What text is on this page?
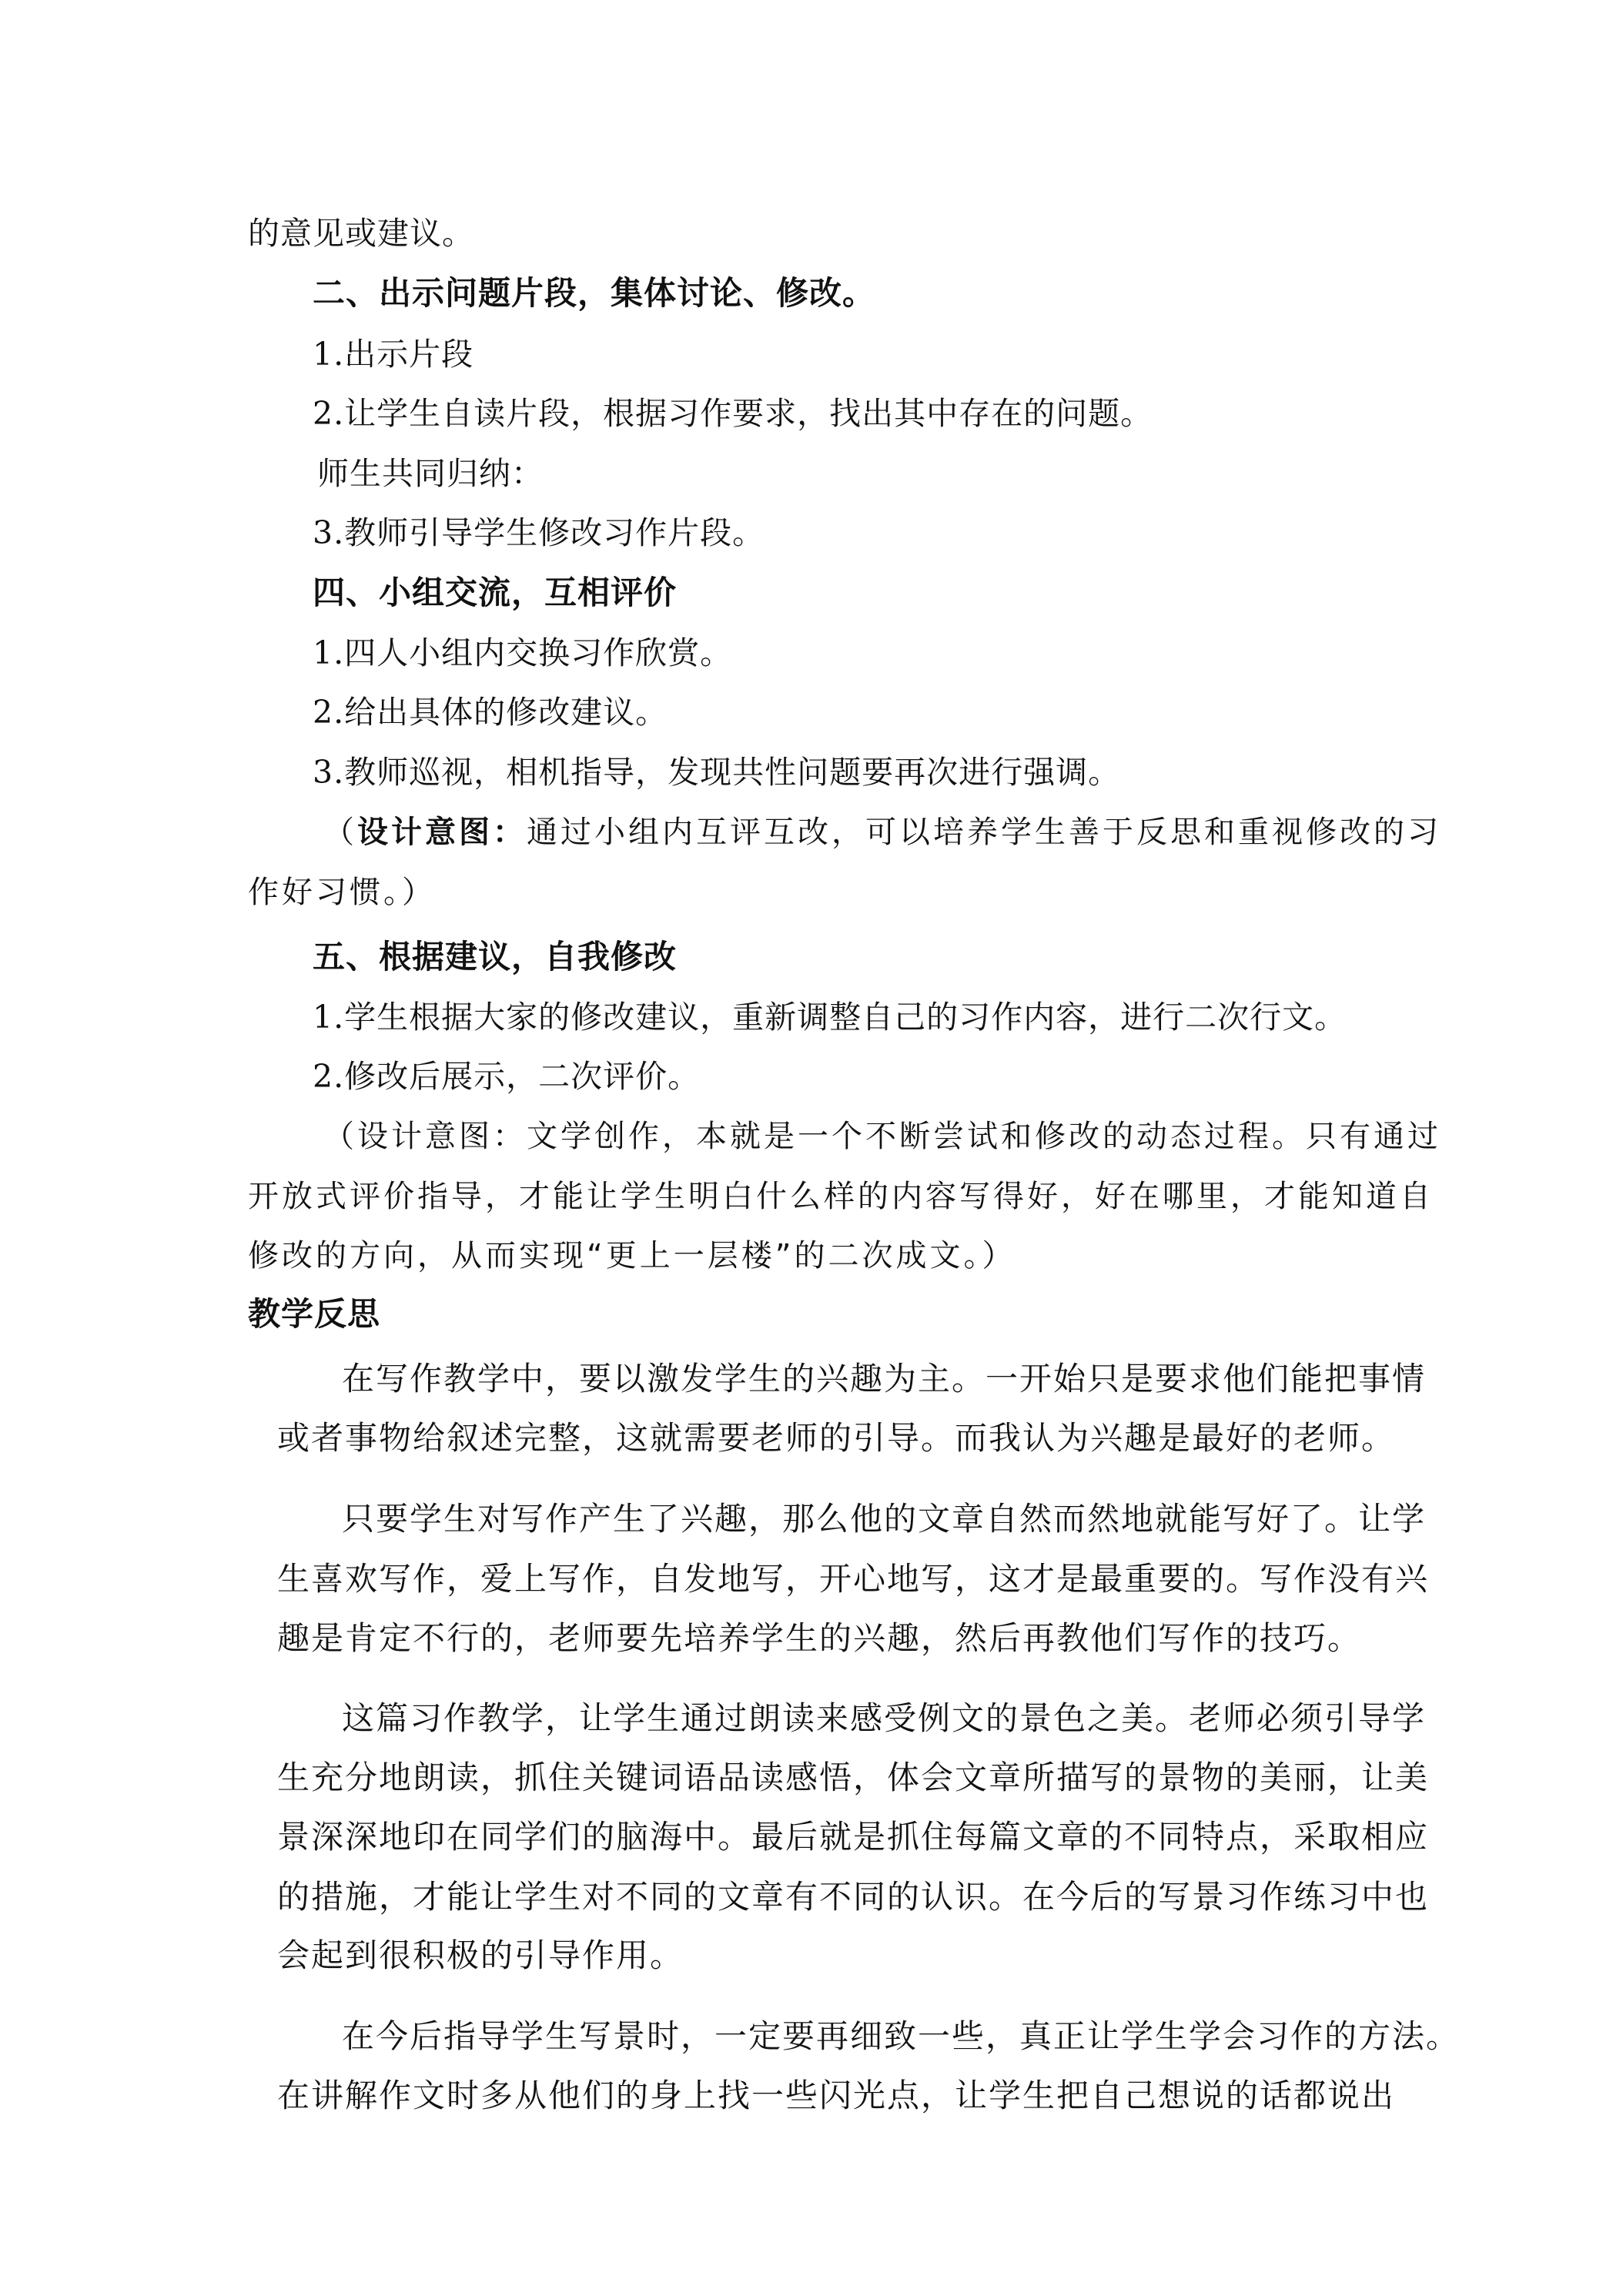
的意见或建议。
二、出示问题片段，集体讨论、修改。
1.出示片段
2.让学生自读片段，根据习作要求，找出其中存在的问题。
师生共同归纳：
3.教师引导学生修改习作片段。
四、小组交流，互相评价
1.四人小组内交换习作欣赏。
2.给出具体的修改建议。
3.教师巡视，相机指导，发现共性问题要再次进行强调。
（设计意图：通过小组内互评互改，可以培养学生善于反思和重视修改的习
作好习惯。）
五、根据建议，自我修改
1.学生根据大家的修改建议，重新调整自己的习作内容，进行二次行文。
2.修改后展示，二次评价。
（设计意图：文学创作，本就是一个不断尝试和修改的动态过程。只有通过
开放式评价指导，才能让学生明白什么样的内容写得好，好在哪里，才能知道自
修改的方向，从而实现“更上一层楼”的二次成文。）
教学反思
在写作教学中，要以激发学生的兴趣为主。一开始只是要求他们能把事情
或者事物给叙述完整，这就需要老师的引导。而我认为兴趣是最好的老师。
只要学生对写作产生了兴趣，那么他的文章自然而然地就能写好了。让学
生喜欢写作，爱上写作，自发地写，开心地写，这才是最重要的。写作没有兴
趣是肯定不行的，老师要先培养学生的兴趣，然后再教他们写作的技巧。
这篇习作教学，让学生通过朗读来感受例文的景色之美。老师必须引导学
生充分地朗读，抓住关键词语品读感悟，体会文章所描写的景物的美丽，让美
景深深地印在同学们的脑海中。最后就是抓住每篇文章的不同特点，采取相应
的措施，才能让学生对不同的文章有不同的认识。在今后的写景习作练习中也
会起到很积极的引导作用。
在今后指导学生写景时，一定要再细致一些，真正让学生学会习作的方法。
在讲解作文时多从他们的身上找一些闪光点，让学生把自己想说的话都说出
